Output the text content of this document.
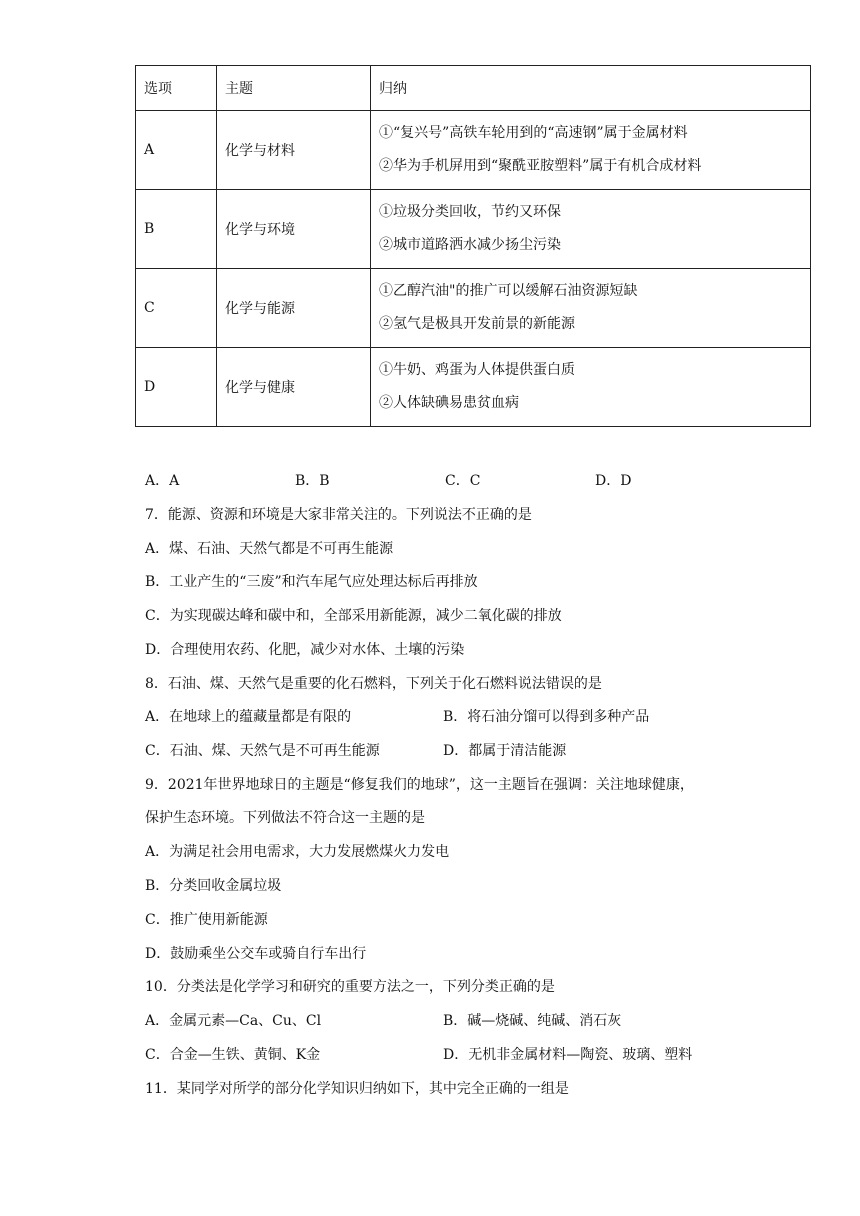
选项	主题	归纳
A	化学与材料	①“复兴号”高铁车轮用到的“高速钢”属于金属材料
②华为手机屏用到“聚酰亚胺塑料”属于有机合成材料

B	化学与环境	①垃圾分类回收，节约又环保
②城市道路洒水减少扬尘污染

C	化学与能源	①乙醇汽油"的推广可以缓解石油资源短缺
②氢气是极具开发前景的新能源

D	化学与健康	①牛奶、鸡蛋为人体提供蛋白质
②人体缺碘易患贫血病
A．A	B．B	C．C	D．D
7．能源、资源和环境是大家非常关注的。下列说法不正确的是
A．煤、石油、天然气都是不可再生能源
B．工业产生的“三废”和汽车尾气应处理达标后再排放
C．为实现碳达峰和碳中和，全部采用新能源，减少二氧化碳的排放
D．合理使用农药、化肥，减少对水体、土壤的污染
8．石油、煤、天然气是重要的化石燃料，下列关于化石燃料说法错误的是
A．在地球上的蕴藏量都是有限的	B．将石油分馏可以得到多种产品
C．石油、煤、天然气是不可再生能源	D．都属于清洁能源
9．2021年世界地球日的主题是“修复我们的地球”，这一主题旨在强调：关注地球健康，
保护生态环境。下列做法不符合这一主题的是
A．为满足社会用电需求，大力发展燃煤火力发电
B．分类回收金属垃圾
C．推广使用新能源
D．鼓励乘坐公交车或骑自行车出行
10．分类法是化学学习和研究的重要方法之一，下列分类正确的是
A．金属元素—Ca、Cu、Cl	B．碱—烧碱、纯碱、消石灰
C．合金—生铁、黄铜、K金	D．无机非金属材料—陶瓷、玻璃、塑料
11．某同学对所学的部分化学知识归纳如下，其中完全正确的一组是
